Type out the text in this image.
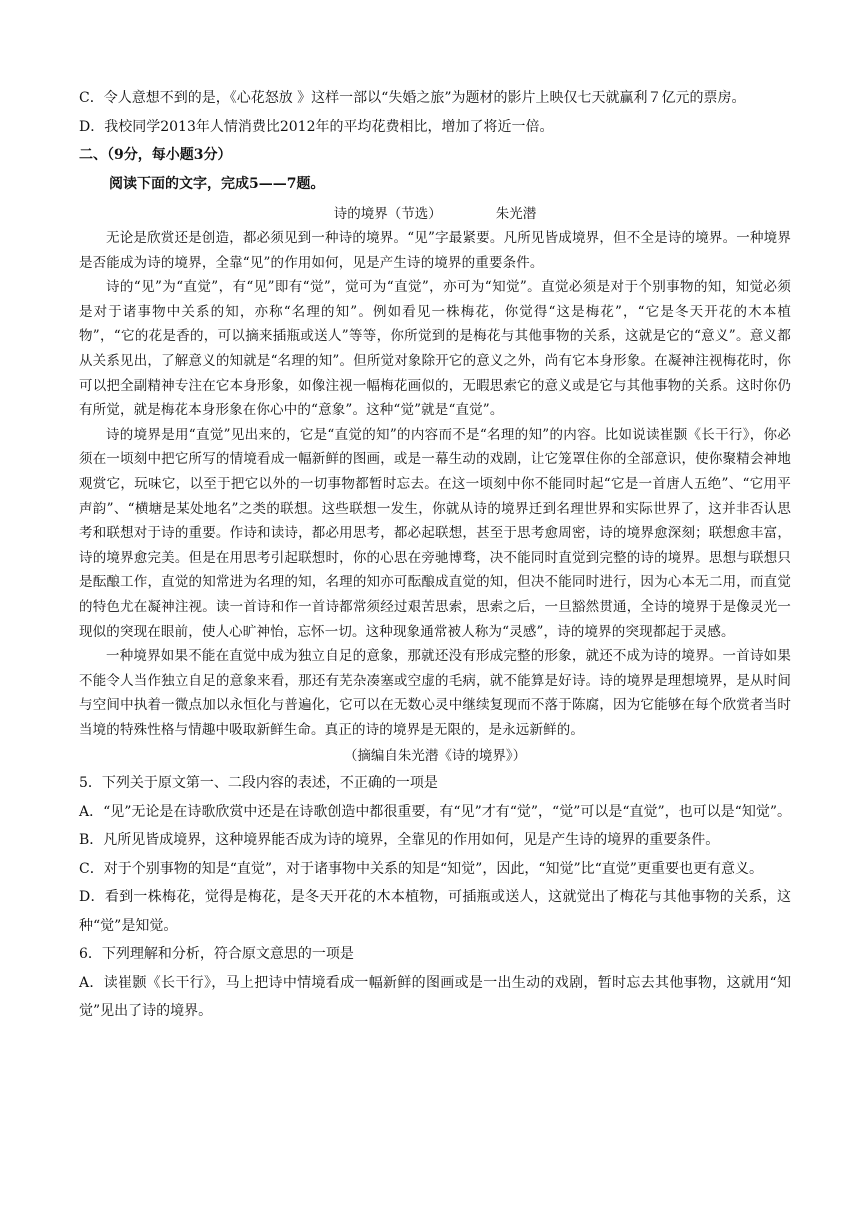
C．令人意想不到的是，《心花怒放 》这样一部以“失婚之旅”为题材的影片上映仅七天就赢利７亿元的票房。

D．我校同学2013年人情消费比2012年的平均花费相比，增加了将近一倍。

二、（9分，每小题3分）

阅读下面的文字，完成5——7题。

诗的境界（节选）	朱光潜

无论是欣赏还是创造，都必须见到一种诗的境界。“见”字最紧要。凡所见皆成境界，但不全是诗的境界。一种境界是否能成为诗的境界，全靠“见”的作用如何，见是产生诗的境界的重要条件。

诗的“见”为“直觉”，有“见”即有“觉”，觉可为“直觉”，亦可为“知觉”。直觉必须是对于个别事物的知，知觉必须是对于诸事物中关系的知，亦称“名理的知”。例如看见一株梅花，你觉得“这是梅花”，“它是冬天开花的木本植物”，“它的花是香的，可以摘来插瓶或送人”等等，你所觉到的是梅花与其他事物的关系，这就是它的“意义”。意义都从关系见出，了解意义的知就是“名理的知”。但所觉对象除开它的意义之外，尚有它本身形象。在凝神注视梅花时，你可以把全副精神专注在它本身形象，如像注视一幅梅花画似的，无暇思索它的意义或是它与其他事物的关系。这时你仍有所觉，就是梅花本身形象在你心中的“意象”。这种“觉”就是“直觉”。

诗的境界是用“直觉”见出来的，它是“直觉的知”的内容而不是“名理的知”的内容。比如说读崔颢《长干行》，你必须在一顷刻中把它所写的情境看成一幅新鲜的图画，或是一幕生动的戏剧，让它笼罩住你的全部意识，使你聚精会神地观赏它，玩味它，以至于把它以外的一切事物都暂时忘去。在这一顷刻中你不能同时起“它是一首唐人五绝”、“它用平声韵”、“横塘是某处地名”之类的联想。这些联想一发生，你就从诗的境界迁到名理世界和实际世界了，这并非否认思考和联想对于诗的重要。作诗和读诗，都必用思考，都必起联想，甚至于思考愈周密，诗的境界愈深刻；联想愈丰富，诗的境界愈完美。但是在用思考引起联想时，你的心思在旁驰博骛，决不能同时直觉到完整的诗的境界。思想与联想只是酝酿工作，直觉的知常进为名理的知，名理的知亦可酝酿成直觉的知，但决不能同时进行，因为心本无二用，而直觉的特色尤在凝神注视。读一首诗和作一首诗都常须经过艰苦思索，思索之后，一旦豁然贯通，全诗的境界于是像灵光一现似的突现在眼前，使人心旷神怡，忘怀一切。这种现象通常被人称为“灵感”，诗的境界的突现都起于灵感。

一种境界如果不能在直觉中成为独立自足的意象，那就还没有形成完整的形象，就还不成为诗的境界。一首诗如果不能令人当作独立自足的意象来看，那还有芜杂凑塞或空虚的毛病，就不能算是好诗。诗的境界是理想境界，是从时间与空间中执着一微点加以永恒化与普遍化，它可以在无数心灵中继续复现而不落于陈腐，因为它能够在每个欣赏者当时当境的特殊性格与情趣中吸取新鲜生命。真正的诗的境界是无限的，是永远新鲜的。

（摘编自朱光潜《诗的境界》）

5．下列关于原文第一、二段内容的表述，不正确的一项是

A．“见”无论是在诗歌欣赏中还是在诗歌创造中都很重要，有“见”才有“觉”，“觉”可以是“直觉”，也可以是“知觉”。

B．凡所见皆成境界，这种境界能否成为诗的境界，全靠见的作用如何，见是产生诗的境界的重要条件。

C．对于个别事物的知是“直觉”，对于诸事物中关系的知是“知觉”，因此，“知觉”比“直觉”更重要也更有意义。

D．看到一株梅花，觉得是梅花，是冬天开花的木本植物，可插瓶或送人，这就觉出了梅花与其他事物的关系，这种“觉”是知觉。

6．下列理解和分析，符合原文意思的一项是

A．读崔颢《长干行》，马上把诗中情境看成一幅新鲜的图画或是一出生动的戏剧，暂时忘去其他事物，这就用“知觉”见出了诗的境界。
